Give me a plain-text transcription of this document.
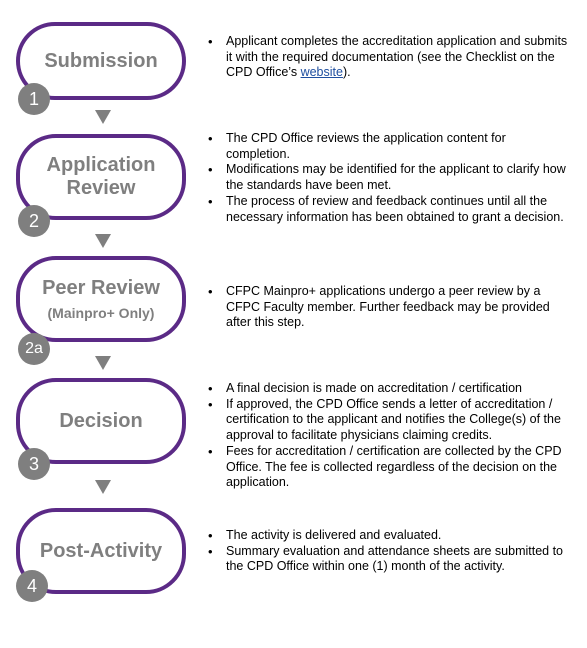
Submission
1
• Applicant completes the accreditation application and submits it with the required documentation (see the Checklist on the CPD Office’s website).
Application
Review
2
• The CPD Office reviews the application content for completion.
• Modifications may be identified for the applicant to clarify how the standards have been met.
• The process of review and feedback continues until all the necessary information has been obtained to grant a decision.
Peer Review
(Mainpro+ Only)
2a
• CFPC Mainpro+ applications undergo a peer review by a CFPC Faculty member. Further feedback may be provided after this step.
Decision
3
• A final decision is made on accreditation / certification
• If approved, the CPD Office sends a letter of accreditation / certification to the applicant and notifies the College(s) of the approval to facilitate physicians claiming credits.
• Fees for accreditation / certification are collected by the CPD Office. The fee is collected regardless of the decision on the application.
Post-Activity
4
• The activity is delivered and evaluated.
• Summary evaluation and attendance sheets are submitted to the CPD Office within one (1) month of the activity.
